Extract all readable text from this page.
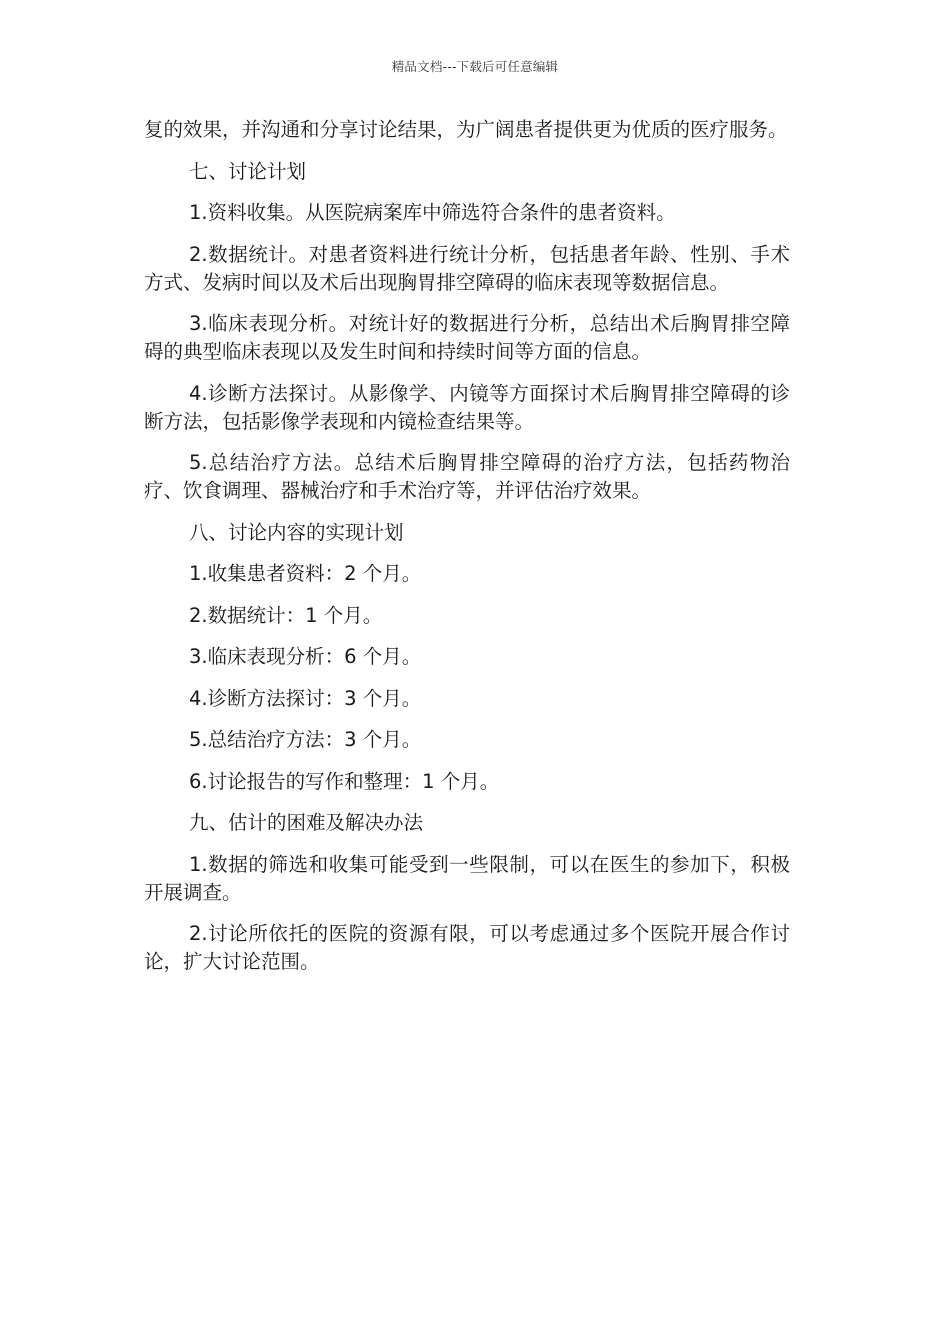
精品文档---下载后可任意编辑

复的效果，并沟通和分享讨论结果，为广阔患者提供更为优质的医疗服务。

七、讨论计划

1.资料收集。从医院病案库中筛选符合条件的患者资料。

2.数据统计。对患者资料进行统计分析，包括患者年龄、性别、手术方式、发病时间以及术后出现胸胃排空障碍的临床表现等数据信息。

3.临床表现分析。对统计好的数据进行分析，总结出术后胸胃排空障碍的典型临床表现以及发生时间和持续时间等方面的信息。

4.诊断方法探讨。从影像学、内镜等方面探讨术后胸胃排空障碍的诊断方法，包括影像学表现和内镜检查结果等。

5.总结治疗方法。总结术后胸胃排空障碍的治疗方法，包括药物治疗、饮食调理、器械治疗和手术治疗等，并评估治疗效果。

八、讨论内容的实现计划

1.收集患者资料：2 个月。

2.数据统计：1 个月。

3.临床表现分析：6 个月。

4.诊断方法探讨：3 个月。

5.总结治疗方法：3 个月。

6.讨论报告的写作和整理：1 个月。

九、估计的困难及解决办法

1.数据的筛选和收集可能受到一些限制，可以在医生的参加下，积极开展调查。

2.讨论所依托的医院的资源有限，可以考虑通过多个医院开展合作讨论，扩大讨论范围。
